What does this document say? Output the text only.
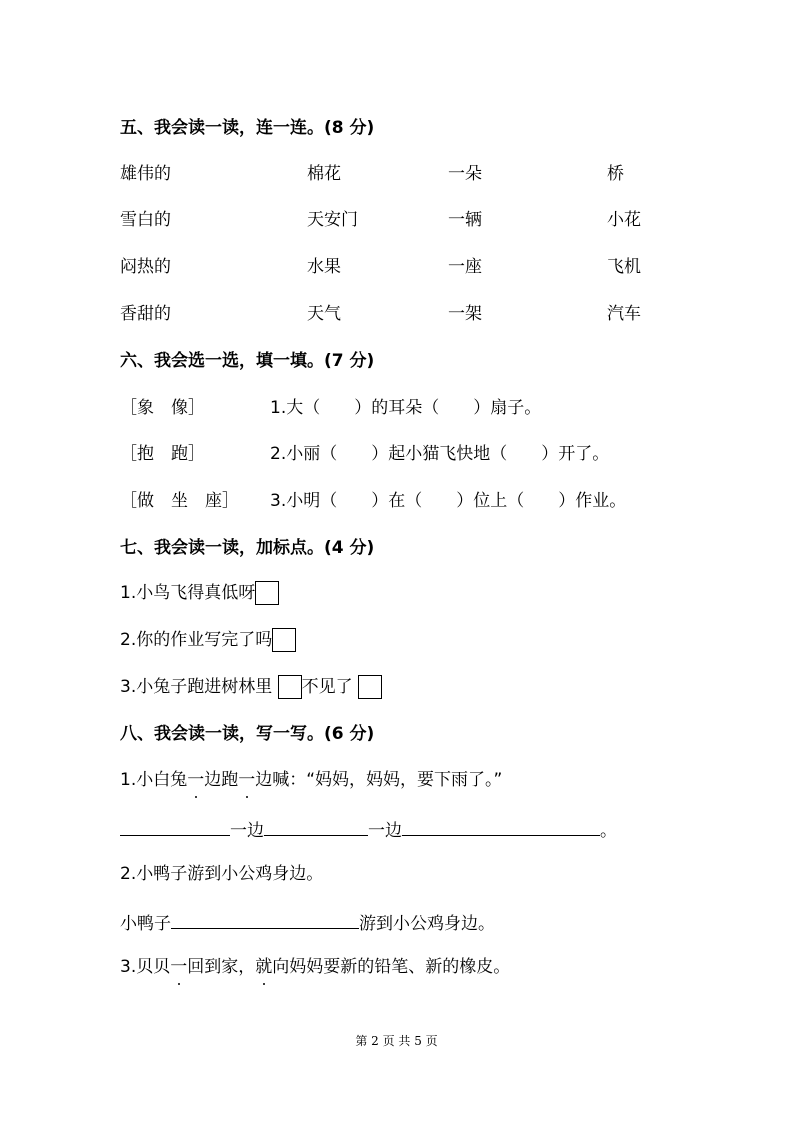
五、我会读一读，连一连。(8 分)
雄伟的	棉花	一朵	桥
雪白的	天安门	一辆	小花
闷热的	水果	一座	飞机
香甜的	天气	一架	汽车
六、我会选一选，填一填。(7 分)
［象　像］	1.大（　　）的耳朵（　　）扇子。
［抱　跑］	2.小丽（　　）起小猫飞快地（　　）开了。
［做　坐　座］ 3.小明（　　）在（　　）位上（　　）作业。
七、我会读一读，加标点。(4 分)
1.小鸟飞得真低呀
2.你的作业写完了吗
3.小兔子跑进树林里 不见了
八、我会读一读，写一写。(6 分)
1.小白兔一边跑一边喊：“妈妈，妈妈，要下雨了。”
一边	一边	。
2.小鸭子游到小公鸡身边。
小鸭子	游到小公鸡身边。
3.贝贝一回到家，就向妈妈要新的铅笔、新的橡皮。
第 2 页 共 5 页
